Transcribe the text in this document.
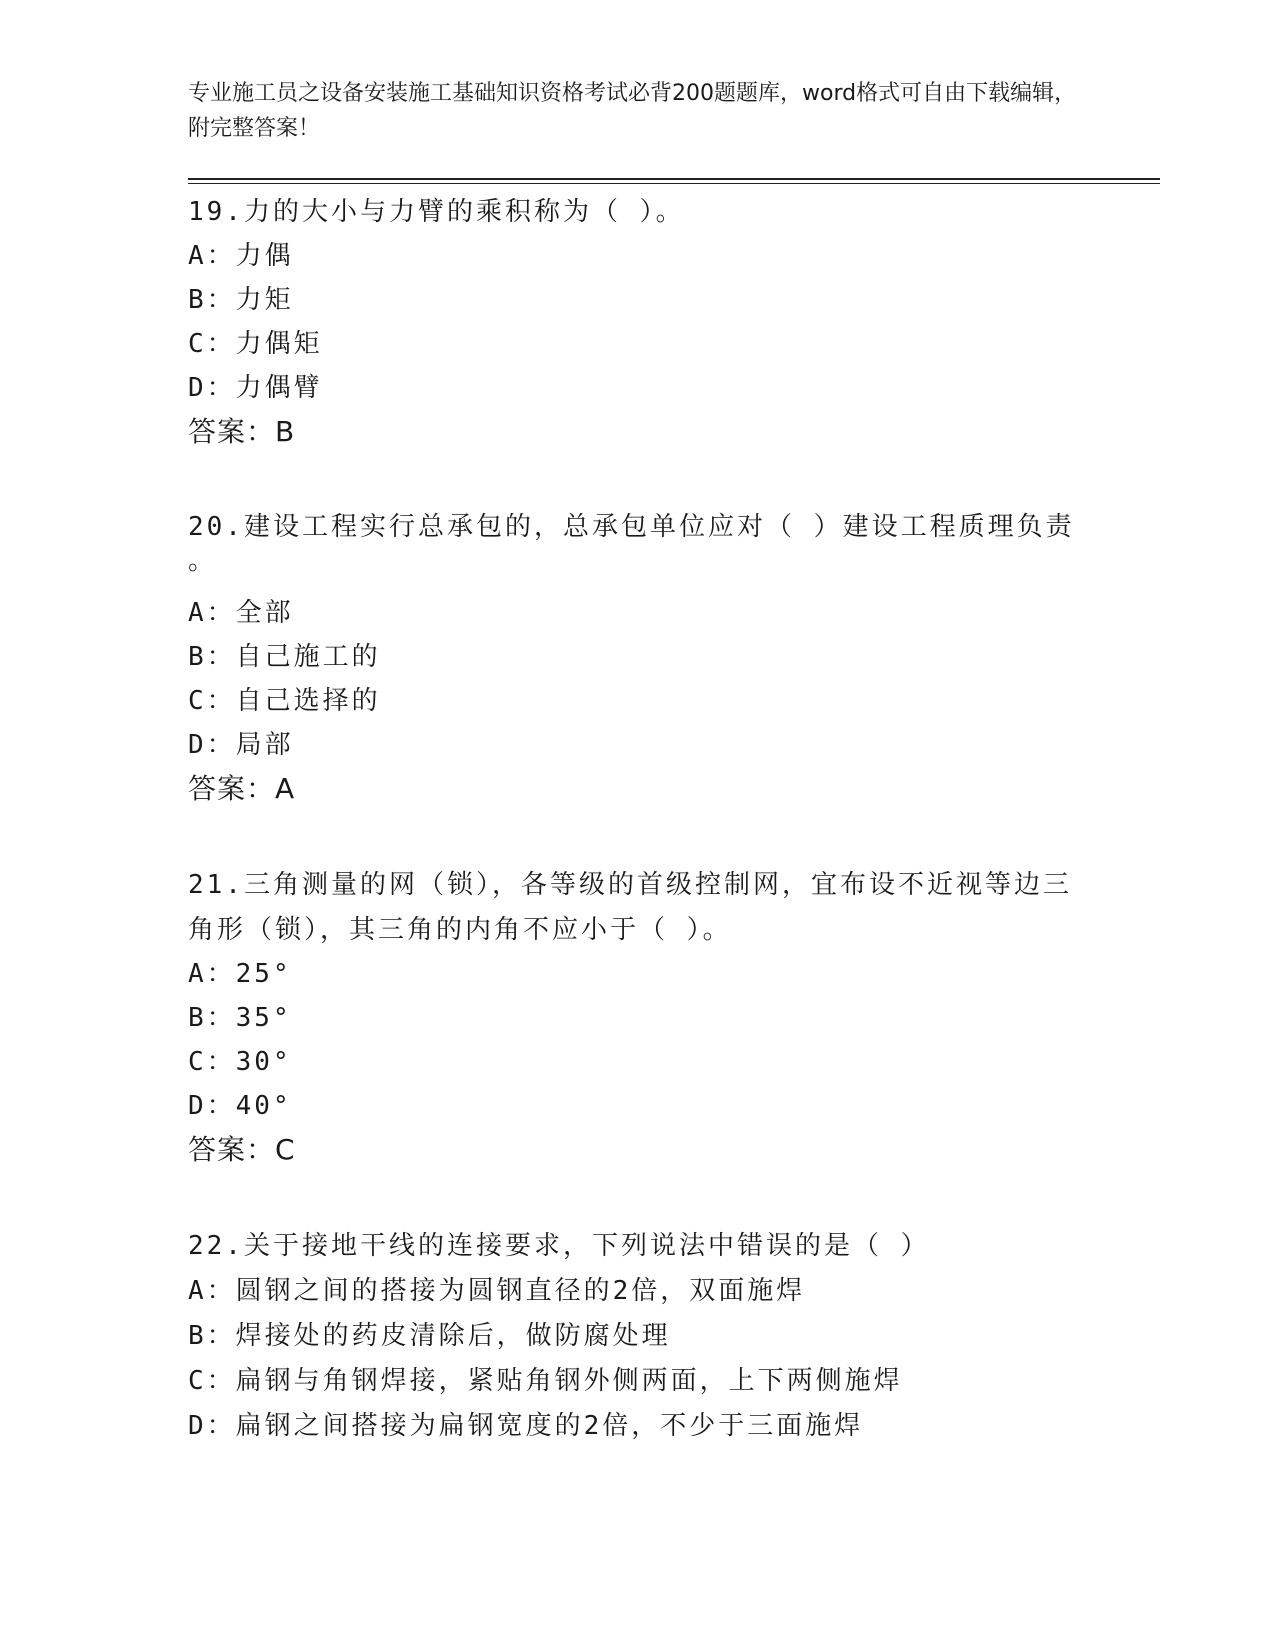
专业施工员之设备安装施工基础知识资格考试必背200题题库，word格式可自由下载编辑，附完整答案！
19.力的大小与力臂的乘积称为（ ）。
A：力偶
B：力矩
C：力偶矩
D：力偶臂
答案：B
20.建设工程实行总承包的，总承包单位应对（ ）建设工程质理负责
。
A：全部
B：自己施工的
C：自己选择的
D：局部
答案：A
21.三角测量的网（锁），各等级的首级控制网，宜布设不近视等边三
角形（锁），其三角的内角不应小于（ ）。
A：25°
B：35°
C：30°
D：40°
答案：C
22.关于接地干线的连接要求，下列说法中错误的是（ ）
A：圆钢之间的搭接为圆钢直径的2倍，双面施焊
B：焊接处的药皮清除后，做防腐处理
C：扁钢与角钢焊接，紧贴角钢外侧两面，上下两侧施焊
D：扁钢之间搭接为扁钢宽度的2倍，不少于三面施焊
